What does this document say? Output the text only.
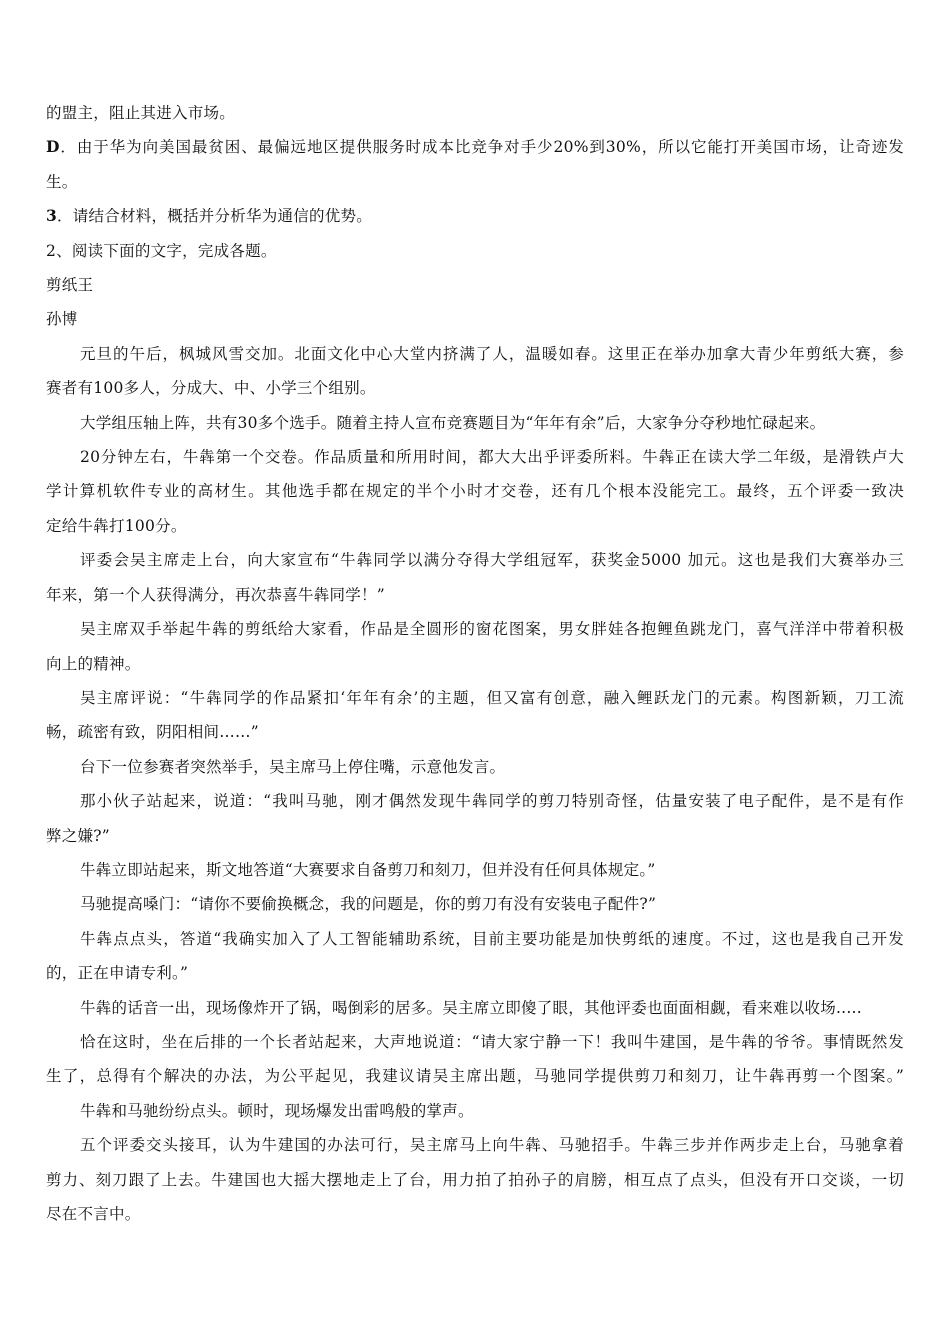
的盟主，阻止其进入市场。
D．由于华为向美国最贫困、最偏远地区提供服务时成本比竞争对手少20%到30%，所以它能打开美国市场，让奇迹发
生。
3．请结合材料，概括并分析华为通信的优势。
2、阅读下面的文字，完成各题。
剪纸王
孙博
元旦的午后，枫城风雪交加。北面文化中心大堂内挤满了人，温暖如春。这里正在举办加拿大青少年剪纸大赛，参
赛者有100多人，分成大、中、小学三个组别。
大学组压轴上阵，共有30多个选手。随着主持人宣布竞赛题目为“年年有余”后，大家争分夺秒地忙碌起来。
20分钟左右，牛犇第一个交卷。作品质量和所用时间，都大大出乎评委所料。牛犇正在读大学二年级，是滑铁卢大
学计算机软件专业的高材生。其他选手都在规定的半个小时才交卷，还有几个根本没能完工。最终，五个评委一致决
定给牛犇打100分。
评委会吴主席走上台，向大家宣布“牛犇同学以满分夺得大学组冠军，获奖金5000 加元。这也是我们大赛举办三
年来，第一个人获得满分，再次恭喜牛犇同学！”
吴主席双手举起牛犇的剪纸给大家看，作品是全圆形的窗花图案，男女胖娃各抱鲤鱼跳龙门，喜气洋洋中带着积极
向上的精神。
吴主席评说：“牛犇同学的作品紧扣‘年年有余’的主题，但又富有创意，融入鲤跃龙门的元素。构图新颖，刀工流
畅，疏密有致，阴阳相间……”
台下一位参赛者突然举手，吴主席马上停住嘴，示意他发言。
那小伙子站起来，说道：“我叫马驰，刚才偶然发现牛犇同学的剪刀特别奇怪，估量安装了电子配件，是不是有作
弊之嫌?”
牛犇立即站起来，斯文地答道“大赛要求自备剪刀和刻刀，但并没有任何具体规定。”
马驰提高嗓门：“请你不要偷换概念，我的问题是，你的剪刀有没有安装电子配件?”
牛犇点点头，答道“我确实加入了人工智能辅助系统，目前主要功能是加快剪纸的速度。不过，这也是我自己开发
的，正在申请专利。”
牛犇的话音一出，现场像炸开了锅，喝倒彩的居多。吴主席立即傻了眼，其他评委也面面相觑，看来难以收场.....
恰在这时，坐在后排的一个长者站起来，大声地说道：“请大家宁静一下！我叫牛建国，是牛犇的爷爷。事情既然发
生了，总得有个解决的办法，为公平起见，我建议请吴主席出题，马驰同学提供剪刀和刻刀，让牛犇再剪一个图案。”
牛犇和马驰纷纷点头。顿时，现场爆发出雷鸣般的掌声。
五个评委交头接耳，认为牛建国的办法可行，吴主席马上向牛犇、马驰招手。牛犇三步并作两步走上台，马驰拿着
剪力、刻刀跟了上去。牛建国也大摇大摆地走上了台，用力拍了拍孙子的肩膀，相互点了点头，但没有开口交谈，一切
尽在不言中。
